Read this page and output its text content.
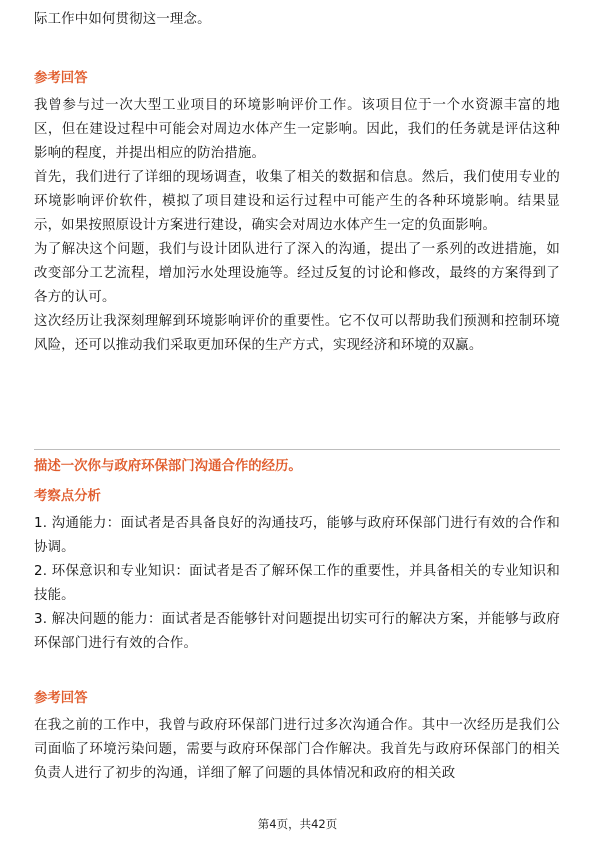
际工作中如何贯彻这一理念。

参考回答

我曾参与过一次大型工业项目的环境影响评价工作。该项目位于一个水资源丰富的地区，但在建设过程中可能会对周边水体产生一定影响。因此，我们的任务就是评估这种影响的程度，并提出相应的防治措施。

首先，我们进行了详细的现场调查，收集了相关的数据和信息。然后，我们使用专业的环境影响评价软件，模拟了项目建设和运行过程中可能产生的各种环境影响。结果显示，如果按照原设计方案进行建设，确实会对周边水体产生一定的负面影响。

为了解决这个问题，我们与设计团队进行了深入的沟通，提出了一系列的改进措施，如改变部分工艺流程，增加污水处理设施等。经过反复的讨论和修改，最终的方案得到了各方的认可。

这次经历让我深刻理解到环境影响评价的重要性。它不仅可以帮助我们预测和控制环境风险，还可以推动我们采取更加环保的生产方式，实现经济和环境的双赢。

描述一次你与政府环保部门沟通合作的经历。

考察点分析

1. 沟通能力：面试者是否具备良好的沟通技巧，能够与政府环保部门进行有效的合作和协调。

2. 环保意识和专业知识：面试者是否了解环保工作的重要性，并具备相关的专业知识和技能。

3. 解决问题的能力：面试者是否能够针对问题提出切实可行的解决方案，并能够与政府环保部门进行有效的合作。

参考回答

在我之前的工作中，我曾与政府环保部门进行过多次沟通合作。其中一次经历是我们公司面临了环境污染问题，需要与政府环保部门合作解决。我首先与政府环保部门的相关负责人进行了初步的沟通，详细了解了问题的具体情况和政府的相关政

第4页，共42页
